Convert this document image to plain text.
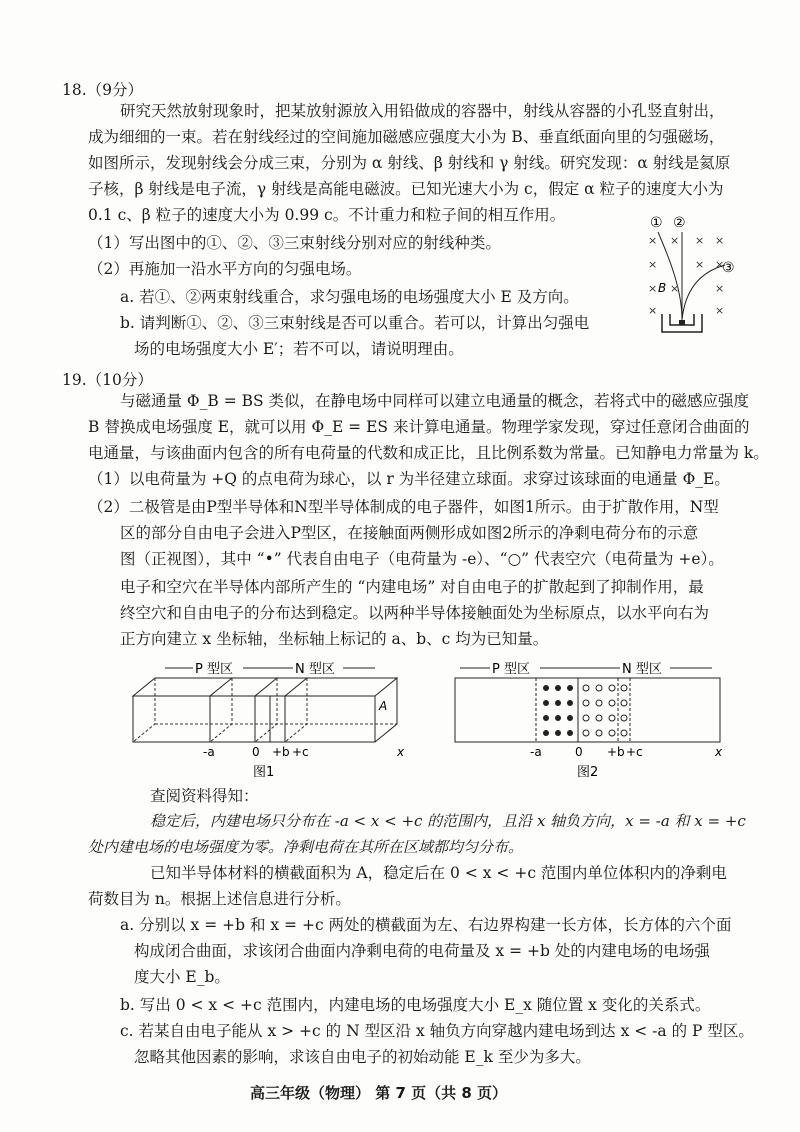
18.（9分）
研究天然放射现象时，把某放射源放入用铅做成的容器中，射线从容器的小孔竖直射出，
成为细细的一束。若在射线经过的空间施加磁感应强度大小为 B、垂直纸面向里的匀强磁场，
如图所示，发现射线会分成三束，分别为 α 射线、β 射线和 γ 射线。研究发现：α 射线是氦原
子核，β 射线是电子流，γ 射线是高能电磁波。已知光速大小为 c，假定 α 粒子的速度大小为
0.1 c、β 粒子的速度大小为 0.99 c。不计重力和粒子间的相互作用。
（1）写出图中的①、②、③三束射线分别对应的射线种类。
（2）再施加一沿水平方向的匀强电场。
a. 若①、②两束射线重合，求匀强电场的电场强度大小 E 及方向。
b. 请判断①、②、③三束射线是否可以重合。若可以，计算出匀强电
场的电场强度大小 E′；若不可以，请说明理由。
① ②
× × × ×
×	× ×
×	×
×
×	×
B
③
19.（10分）
与磁通量 Φ_B = BS 类似，在静电场中同样可以建立电通量的概念，若将式中的磁感应强度
B 替换成电场强度 E，就可以用 Φ_E = ES 来计算电通量。物理学家发现，穿过任意闭合曲面的
电通量，与该曲面内包含的所有电荷量的代数和成正比，且比例系数为常量。已知静电力常量为 k。
（1）以电荷量为 +Q 的点电荷为球心，以 r 为半径建立球面。求穿过该球面的电通量 Φ_E。
（2）二极管是由P型半导体和N型半导体制成的电子器件，如图1所示。由于扩散作用，N型
区的部分自由电子会进入P型区，在接触面两侧形成如图2所示的净剩电荷分布的示意
图（正视图），其中 “•” 代表自由电子（电荷量为 -e）、“○” 代表空穴（电荷量为 +e）。
电子和空穴在半导体内部所产生的 “内建电场” 对自由电子的扩散起到了抑制作用，最
终空穴和自由电子的分布达到稳定。以两种半导体接触面处为坐标原点，以水平向右为
正方向建立 x 坐标轴，坐标轴上标记的 a、b、c 均为已知量。
P 型区	N 型区
A
-a	0 +b +c	x
图1
P 型区	N 型区
-a	0 +b +c	x
图2
查阅资料得知：
稳定后，内建电场只分布在 -a < x < +c 的范围内，且沿 x 轴负方向，x = -a 和 x = +c
处内建电场的电场强度为零。净剩电荷在其所在区域都均匀分布。
已知半导体材料的横截面积为 A，稳定后在 0 < x < +c 范围内单位体积内的净剩电
荷数目为 n。根据上述信息进行分析。
a. 分别以 x = +b 和 x = +c 两处的横截面为左、右边界构建一长方体，长方体的六个面
构成闭合曲面，求该闭合曲面内净剩电荷的电荷量及 x = +b 处的内建电场的电场强
度大小 E_b。
b. 写出 0 < x < +c 范围内，内建电场的电场强度大小 E_x 随位置 x 变化的关系式。
c. 若某自由电子能从 x > +c 的 N 型区沿 x 轴负方向穿越内建电场到达 x < -a 的 P 型区。
忽略其他因素的影响，求该自由电子的初始动能 E_k 至少为多大。
高三年级（物理） 第 7 页（共 8 页）
